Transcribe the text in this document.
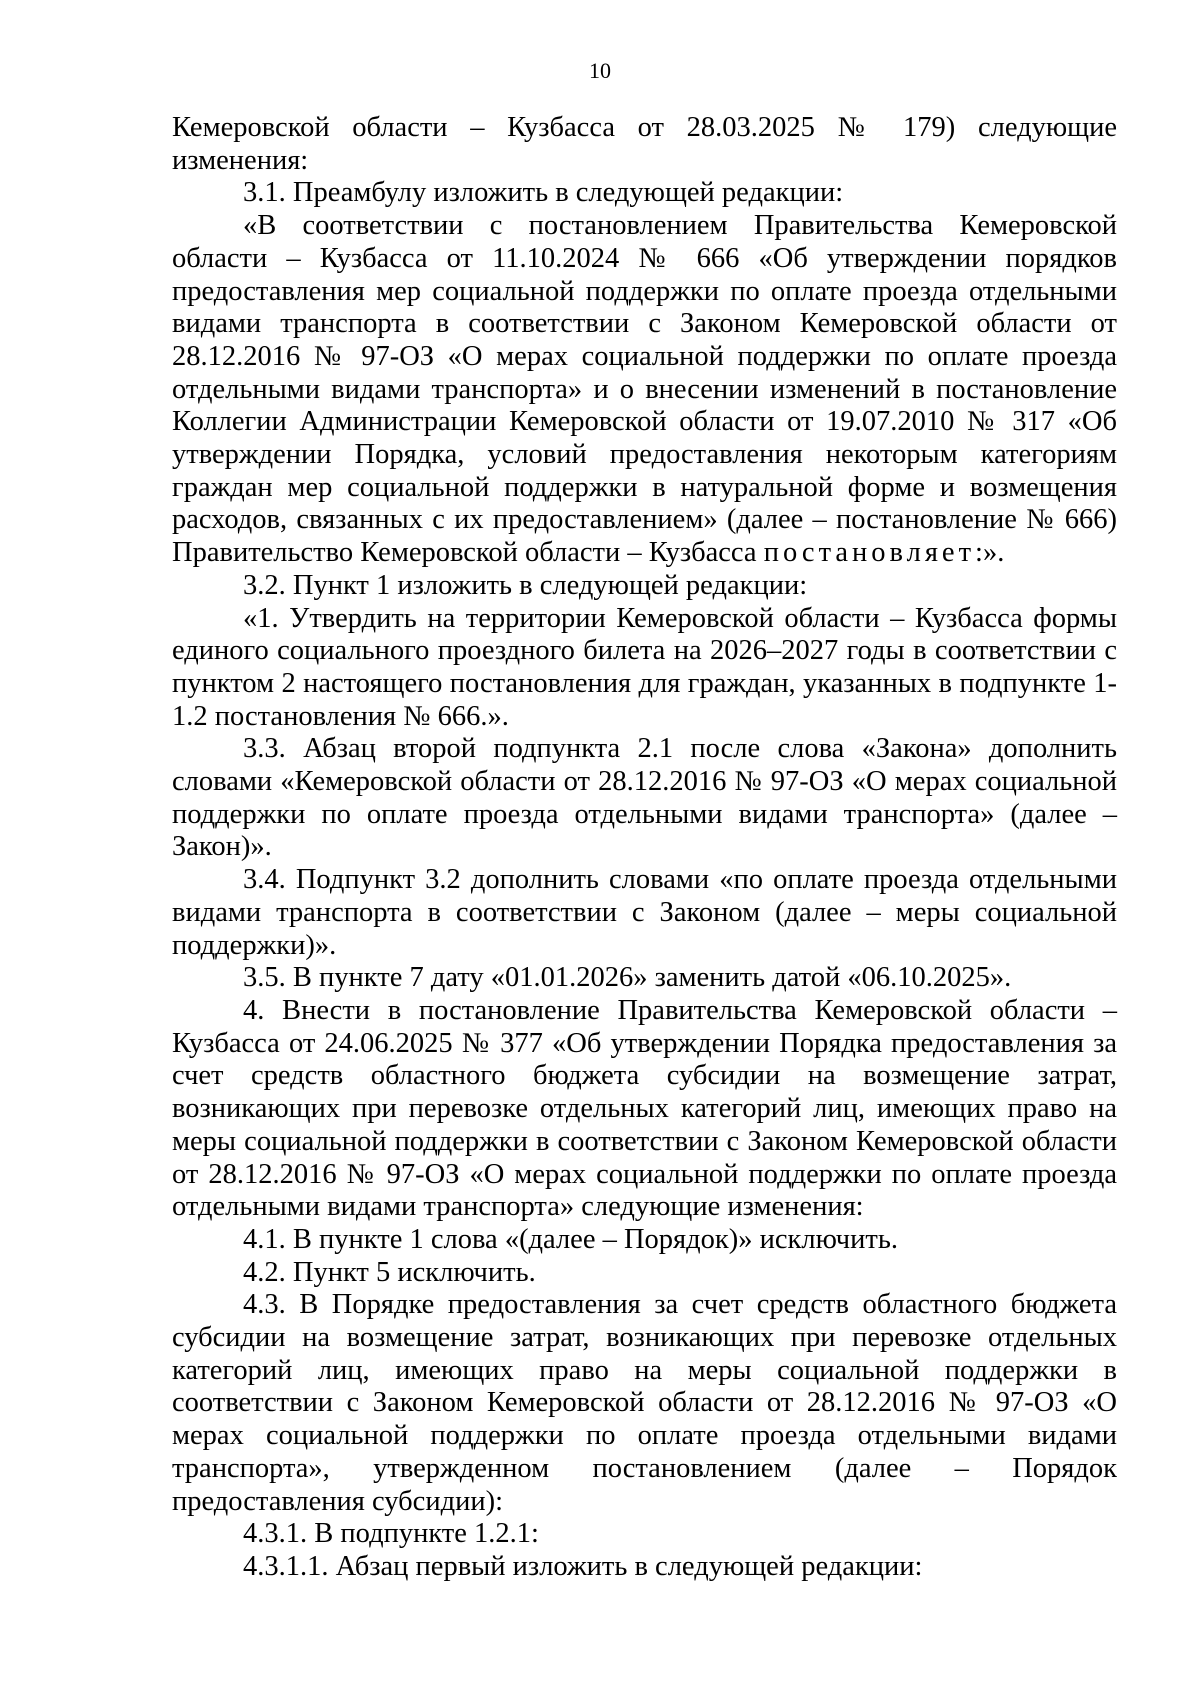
10

Кемеровской области – Кузбасса от 28.03.2025 № 179) следующие изменения:

3.1. Преамбулу изложить в следующей редакции:

«В соответствии с постановлением Правительства Кемеровской области – Кузбасса от 11.10.2024 № 666 «Об утверждении порядков предоставления мер социальной поддержки по оплате проезда отдельными видами транспорта в соответствии с Законом Кемеровской области от 28.12.2016 № 97-ОЗ «О мерах социальной поддержки по оплате проезда отдельными видами транспорта» и о внесении изменений в постановление Коллегии Администрации Кемеровской области от 19.07.2010 № 317 «Об утверждении Порядка, условий предоставления некоторым категориям граждан мер социальной поддержки в натуральной форме и возмещения расходов, связанных с их предоставлением» (далее – постановление № 666) Правительство Кемеровской области – Кузбасса постановляет:».

3.2. Пункт 1 изложить в следующей редакции:

«1. Утвердить на территории Кемеровской области – Кузбасса формы единого социального проездного билета на 2026–2027 годы в соответствии с пунктом 2 настоящего постановления для граждан, указанных в подпункте 1-1.2 постановления № 666.».

3.3. Абзац второй подпункта 2.1 после слова «Закона» дополнить словами «Кемеровской области от 28.12.2016 № 97-ОЗ «О мерах социальной поддержки по оплате проезда отдельными видами транспорта» (далее – Закон)».

3.4. Подпункт 3.2 дополнить словами «по оплате проезда отдельными видами транспорта в соответствии с Законом (далее – меры социальной поддержки)».

3.5. В пункте 7 дату «01.01.2026» заменить датой «06.10.2025».

4. Внести в постановление Правительства Кемеровской области – Кузбасса от 24.06.2025 № 377 «Об утверждении Порядка предоставления за счет средств областного бюджета субсидии на возмещение затрат, возникающих при перевозке отдельных категорий лиц, имеющих право на меры социальной поддержки в соответствии с Законом Кемеровской области от 28.12.2016 № 97-ОЗ «О мерах социальной поддержки по оплате проезда отдельными видами транспорта» следующие изменения:

4.1. В пункте 1 слова «(далее – Порядок)» исключить.

4.2. Пункт 5 исключить.

4.3. В Порядке предоставления за счет средств областного бюджета субсидии на возмещение затрат, возникающих при перевозке отдельных категорий лиц, имеющих право на меры социальной поддержки в соответствии с Законом Кемеровской области от 28.12.2016 № 97-ОЗ «О мерах социальной поддержки по оплате проезда отдельными видами транспорта», утвержденном постановлением (далее – Порядок предоставления субсидии):

4.3.1. В подпункте 1.2.1:

4.3.1.1. Абзац первый изложить в следующей редакции:
